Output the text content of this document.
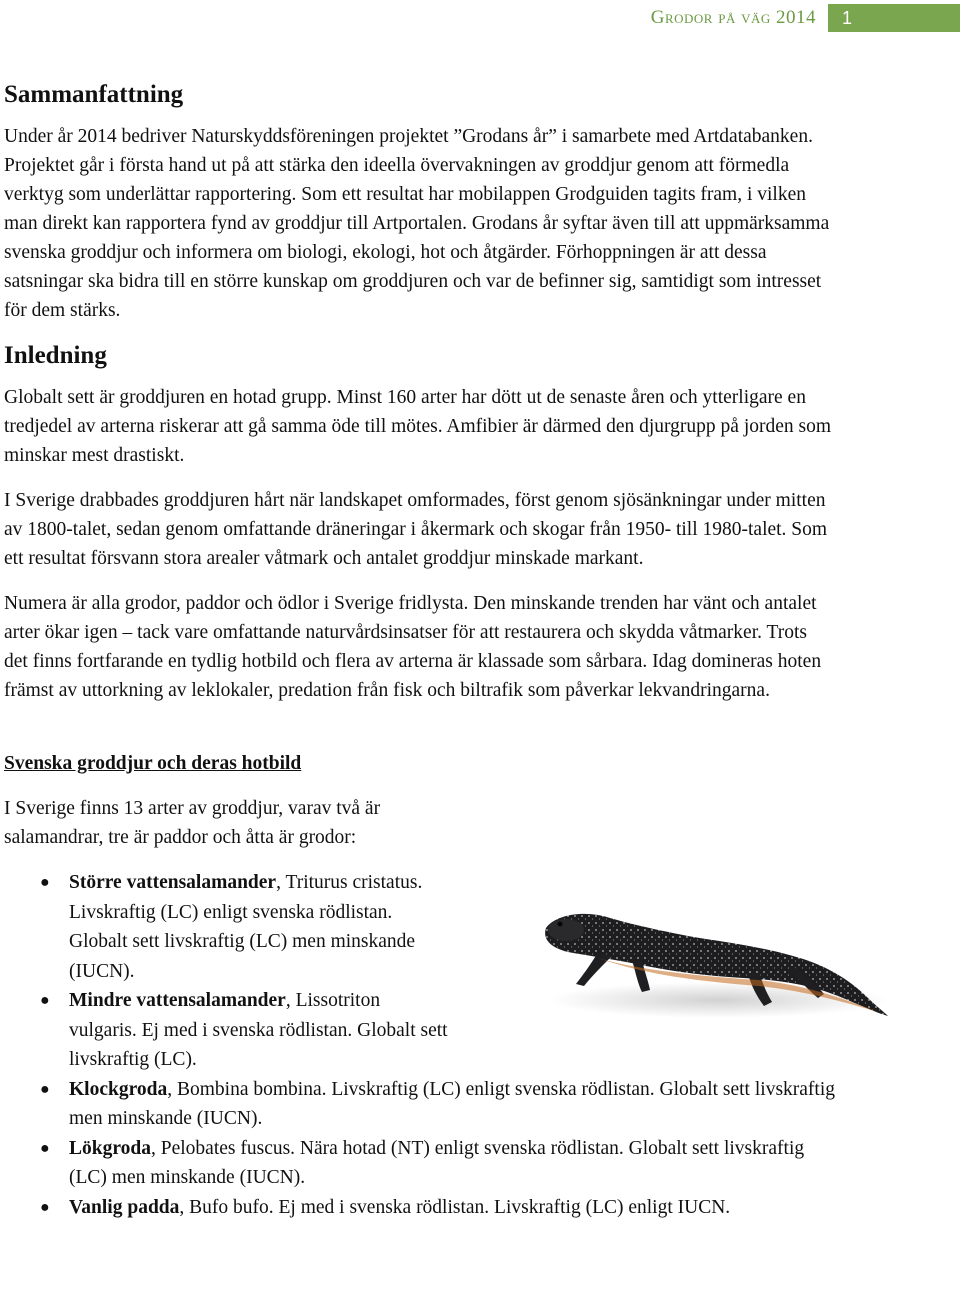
Grodor på väg 2014	1
Sammanfattning

Under år 2014 bedriver Naturskyddsföreningen projektet ”Grodans år” i samarbete med Artdatabanken. Projektet går i första hand ut på att stärka den ideella övervakningen av groddjur genom att förmedla verktyg som underlättar rapportering. Som ett resultat har mobilappen Grodguiden tagits fram, i vilken man direkt kan rapportera fynd av groddjur till Artportalen. Grodans år syftar även till att uppmärksamma svenska groddjur och informera om biologi, ekologi, hot och åtgärder. Förhoppningen är att dessa satsningar ska bidra till en större kunskap om groddjuren och var de befinner sig, samtidigt som intresset för dem stärks.

Inledning

Globalt sett är groddjuren en hotad grupp. Minst 160 arter har dött ut de senaste åren och ytterligare en tredjedel av arterna riskerar att gå samma öde till mötes. Amfibier är därmed den djurgrupp på jorden som minskar mest drastiskt.

I Sverige drabbades groddjuren hårt när landskapet omformades, först genom sjösänkningar under mitten av 1800-talet, sedan genom omfattande dräneringar i åkermark och skogar från 1950- till 1980-talet. Som ett resultat försvann stora arealer våtmark och antalet groddjur minskade markant.

Numera är alla grodor, paddor och ödlor i Sverige fridlysta. Den minskande trenden har vänt och antalet arter ökar igen – tack vare omfattande naturvårdsinsatser för att restaurera och skydda våtmarker. Trots det finns fortfarande en tydlig hotbild och flera av arterna är klassade som sårbara. Idag domineras hoten främst av uttorkning av leklokaler, predation från fisk och biltrafik som påverkar lekvandringarna.

Svenska groddjur och deras hotbild

I Sverige finns 13 arter av groddjur, varav två är salamandrar, tre är paddor och åtta är grodor:

● Större vattensalamander, Triturus cristatus. Livskraftig (LC) enligt svenska rödlistan. Globalt sett livskraftig (LC) men minskande (IUCN).
● Mindre vattensalamander, Lissotriton vulgaris. Ej med i svenska rödlistan. Globalt sett livskraftig (LC).
● Klockgroda, Bombina bombina. Livskraftig (LC) enligt svenska rödlistan. Globalt sett livskraftig men minskande (IUCN).
● Lökgroda, Pelobates fuscus. Nära hotad (NT) enligt svenska rödlistan. Globalt sett livskraftig (LC) men minskande (IUCN).
● Vanlig padda, Bufo bufo. Ej med i svenska rödlistan. Livskraftig (LC) enligt IUCN.
